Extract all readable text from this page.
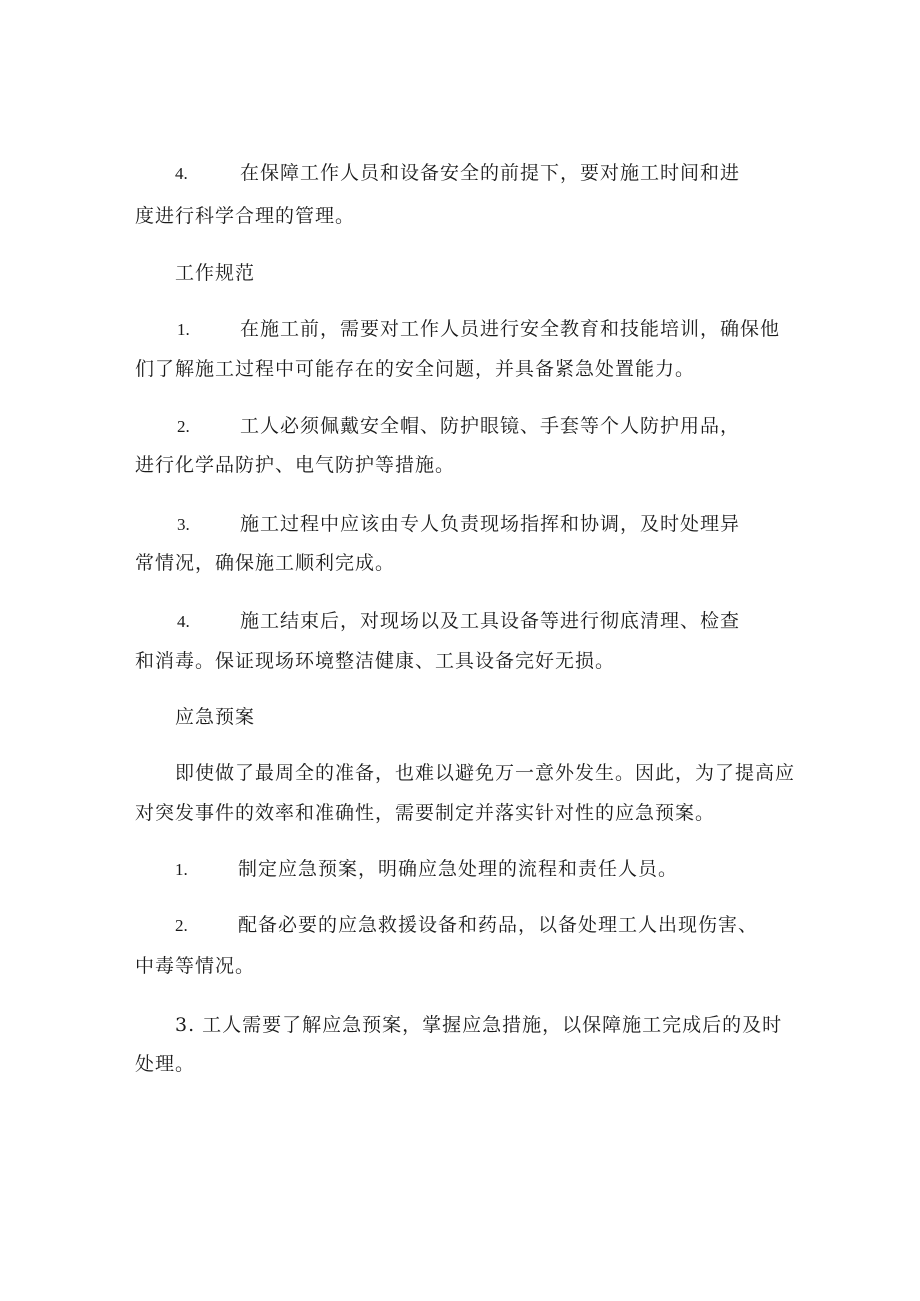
4.	在保障工作人员和设备安全的前提下，要对施工时间和进
度进行科学合理的管理。
工作规范
1.	在施工前，需要对工作人员进行安全教育和技能培训，确保他
们了解施工过程中可能存在的安全问题，并具备紧急处置能力。
2.	工人必须佩戴安全帽、防护眼镜、手套等个人防护用品，
进行化学品防护、电气防护等措施。
3.	施工过程中应该由专人负责现场指挥和协调，及时处理异
常情况，确保施工顺利完成。
4.	施工结束后，对现场以及工具设备等进行彻底清理、检查
和消毒。保证现场环境整洁健康、工具设备完好无损。
应急预案
即使做了最周全的准备，也难以避免万一意外发生。因此，为了提高应
对突发事件的效率和准确性，需要制定并落实针对性的应急预案。
1.	制定应急预案，明确应急处理的流程和责任人员。
2.	配备必要的应急救援设备和药品，以备处理工人出现伤害、
中毒等情况。
3. 工人需要了解应急预案，掌握应急措施，以保障施工完成后的及时
处理。
